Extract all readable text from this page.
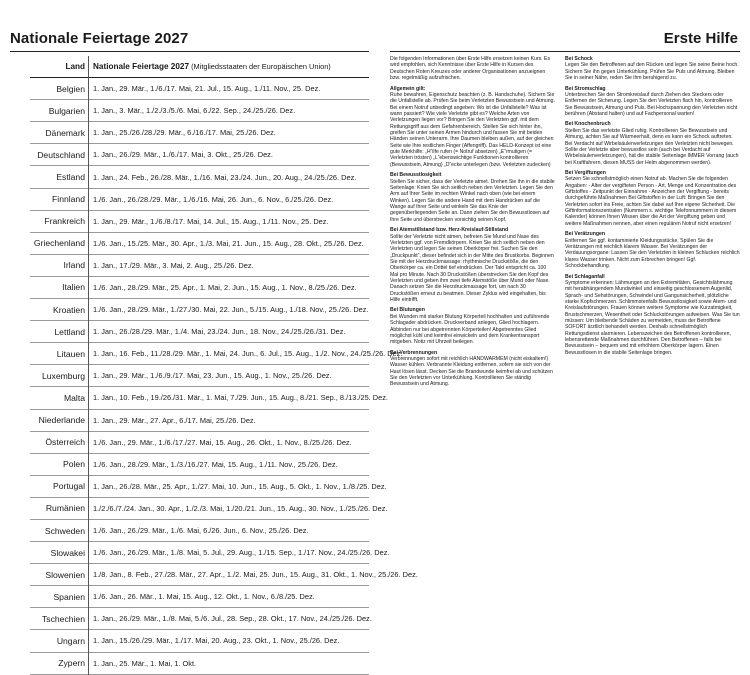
Nationale Feiertage 2027	Erste Hilfe
Land	Nationale Feiertage 2027 (Mitgliedsstaaten der Europäischen Union)
Belgien	1. Jan., 29. Mär., 1./6./17. Mai, 21. Jul., 15. Aug., 1./11. Nov., 25. Dez.
Bulgarien	1. Jan., 3. Mär., 1./2./3./5./6. Mai, 6./22. Sep., 24./25./26. Dez.
Dänemark	1. Jan., 25./26./28./29. Mär., 6./16./17. Mai, 25./26. Dez.
Deutschland	1. Jan., 26./29. Mär., 1./6./17. Mai, 3. Okt., 25./26. Dez.
Estland	1. Jan., 24. Feb., 26./28. Mär., 1./16. Mai, 23./24. Jun., 20. Aug., 24./25./26. Dez.
Finnland	1./6. Jan., 26./28./29. Mär., 1./6./16. Mai, 26. Jun., 6. Nov., 6./25./26. Dez.
Frankreich	1. Jan., 29. Mär., 1./6./8./17. Mai, 14. Jul., 15. Aug., 1./11. Nov., 25. Dez.
Griechenland	1./6. Jan., 15./25. Mär., 30. Apr., 1./3. Mai, 21. Jun., 15. Aug., 28. Okt., 25./26. Dez.
Irland	1. Jan., 17./29. Mär., 3. Mai, 2. Aug., 25./26. Dez.
Italien	1./6. Jan., 28./29. Mär., 25. Apr., 1. Mai, 2. Jun., 15. Aug., 1. Nov., 8./25./26. Dez.
Kroatien	1./6. Jan., 28./29. Mär., 1./27./30. Mai, 22. Jun., 5./15. Aug., 1./18. Nov., 25./26. Dez.
Lettland	1. Jan., 26./28./29. Mär., 1./4. Mai, 23./24. Jun., 18. Nov., 24./25./26./31. Dez.
Litauen	1. Jan., 16. Feb., 11./28./29. Mär., 1. Mai, 24. Jun., 6. Jul., 15. Aug., 1./2. Nov., 24./25./26. Dez.
Luxemburg	1. Jan., 29. Mär., 1./6./9./17. Mai, 23. Jun., 15. Aug., 1. Nov., 25./26. Dez.
Malta	1. Jan., 10. Feb., 19./26./31. Mär., 1. Mai, 7./29. Jun., 15. Aug., 8./21. Sep., 8./13./25. Dez.
Niederlande	1. Jan., 29. Mär., 27. Apr., 6./17. Mai, 25./26. Dez.
Österreich	1./6. Jan., 29. Mär., 1./6./17./27. Mai, 15. Aug., 26. Okt., 1. Nov., 8./25./26. Dez.
Polen	1./6. Jan., 28./29. Mär., 1./3./16./27. Mai, 15. Aug., 1./11. Nov., 25./26. Dez.
Portugal	1. Jan., 26./28. Mär., 25. Apr., 1./27. Mai, 10. Jun., 15. Aug., 5. Okt., 1. Nov., 1./8./25. Dez.
Rumänien	1./2./6./7./24. Jan., 30. Apr., 1./2./3. Mai, 1./20./21. Jun., 15. Aug., 30. Nov., 1./25./26. Dez.
Schweden	1./6. Jan., 26./29. Mär., 1./6. Mai, 6./26. Jun., 6. Nov., 25./26. Dez.
Slowakei	1./6. Jan., 26./29. Mär., 1./8. Mai, 5. Jul., 29. Aug., 1./15. Sep., 1./17. Nov., 24./25./26. Dez.
Slowenien	1./8. Jan., 8. Feb., 27./28. Mär., 27. Apr., 1./2. Mai, 25. Jun., 15. Aug., 31. Okt., 1. Nov., 25./26. Dez.
Spanien	1./6. Jan., 26. Mär., 1. Mai, 15. Aug., 12. Okt., 1. Nov., 6./8./25. Dez.
Tschechien	1. Jan., 26./29. Mär., 1./8. Mai, 5./6. Jul., 28. Sep., 28. Okt., 17. Nov., 24./25./26. Dez.
Ungarn	1. Jan., 15./26./29. Mär., 1./17. Mai, 20. Aug., 23. Okt., 1. Nov., 25./26. Dez.
Zypern	1. Jan., 25. Mär., 1. Mai, 1. Okt.

Die folgenden Informationen über Erste Hilfe ersetzen keinen Kurs. Es wird empfohlen, sich Kenntnisse über Erste Hilfe in Kursen des Deutschen Roten Kreuzes oder anderer Organisationen anzueignen bzw. regelmäßig aufzufrischen.

Allgemein gilt:
Ruhe bewahren, Eigenschutz beachten (z. B. Handschuhe). Sichern Sie die Unfallstelle ab. Prüfen Sie beim Verletzten Bewusstsein und Atmung. Bei einem Notruf unbedingt angeben: Wo ist die Unfallstelle? Was ist wann passiert? Wie viele Verletzte gibt es? Welche Arten von Verletzungen liegen vor? Bringen Sie den Verletzten ggf. mit dem Rettungsgriff aus dem Gefahrenbereich. Stellen Sie sich hinter ihn, greifen Sie unter seinen Armen hindurch und fassen Sie mit beiden Händen seinen Unterarm. Ihre Daumen bleiben außen, auf der gleichen Seite wie Ihre restlichen Finger (Affengriff). Das HELD-Konzept ist eine gute Merkhilfe: „H“ilfe rufen (= Notruf absetzen) „E“rmutigen (= Verletzten trösten) „L“ebenswichtige Funktionen kontrollieren (Bewusstsein, Atmung) „D“ecke unterlegen (bzw. Verletzten zudecken)

Bei Bewusstlosigkeit
Stellen Sie sicher, dass der Verletzte atmet. Drehen Sie ihn in die stabile Seitenlage: Knien Sie sich seitlich neben den Verletzten. Legen Sie den Arm auf Ihrer Seite im rechten Winkel nach oben (wie bei einem Winken). Legen Sie die andere Hand mit dem Handrücken auf die Wange auf Ihrer Seite und winkeln Sie das Knie der gegenüberliegenden Seite an. Dann ziehen Sie den Bewusstlosen auf Ihre Seite und überstrecken vorsichtig seinen Kopf.

Bei Atemstillstand bzw. Herz-Kreislauf-Stillstand
Sollte der Verletzte nicht atmen, befreien Sie Mund und Nase des Verletzten ggf. von Fremdkörpern. Knien Sie sich seitlich neben den Verletzten und legen Sie seinen Oberkörper frei. Suchen Sie den „Druckpunkt“, dieser befindet sich in der Mitte des Brustkorbs. Beginnen Sie mit der Herzdruckmassage: rhythmische Druckstöße, die den Oberkörper ca. ein Drittel tief eindrücken. Der Takt entspricht ca. 100 Mal pro Minute. Nach 30 Druckstößen überstrecken Sie den Kopf des Verletzten und geben ihm zwei tiefe Atemstöße über Mund oder Nase. Danach setzen Sie die Herzdruckmassage fort, um nach 30 Druckstößen erneut zu beatmen. Dieser Zyklus wird eingehalten, bis Hilfe eintrifft.

Bei Blutungen
Bei Wunden mit starker Blutung Körperteil hochhalten und zuführende Schlagader abdrücken. Druckverband anlegen, Glied hochlagern. Abbinden nur bei abgetrennten Körperteilen! Abgetrenntes Glied möglichst kühl und keimfrei einwickeln und dem Krankentransport mitgeben. Notiz mit Uhrzeit beilegen.

Bei Verbrennungen
Verbrennungen sofort mit reichlich HANDWARMEM (nicht eiskaltem!) Wasser kühlen. Verbrannte Kleidung entfernen, sofern sie sich von der Haut lösen lässt. Decken Sie die Brandwunde keimfrei ab und schützen Sie den Verletzten vor Unterkühlung. Kontrollieren Sie ständig Bewusstsein und Atmung.

Bei Schock
Legen Sie den Betroffenen auf den Rücken und legen Sie seine Beine hoch. Sichern Sie ihn gegen Unterkühlung. Prüfen Sie Puls und Atmung. Bleiben Sie in seiner Nähe, reden Sie ihm beruhigend zu.

Bei Stromschlag
Unterbrechen Sie den Stromkreislauf durch Ziehen des Steckers oder Entfernen der Sicherung. Legen Sie den Verletzten flach hin, kontrollieren Sie Bewusstsein, Atmung und Puls. Bei Hochspannung den Verletzten nicht berühren (Abstand halten) und auf Fachpersonal warten!

Bei Knochenbruch
Stellen Sie das verletzte Glied ruhig. Kontrollieren Sie Bewusstsein und Atmung, achten Sie auf Wärmeerhalt, denn es kann ein Schock auftreten. Bei Verdacht auf Wirbelsäulenverletzungen den Verletzten nicht bewegen. Sollte der Verletzte aber bewusstlos sein (auch bei Verdacht auf Wirbelsäulenverletzungen), hat die stabile Seitenlage IMMER Vorrang (auch bei Kraftfahrern, diesen MUSS der Helm abgenommen werden).

Bei Vergiftungen
Setzen Sie schnellstmöglich einen Notruf ab. Machen Sie die folgenden Angaben: - Alter der vergifteten Person - Art, Menge und Konzentration des Giftstoffes - Zeitpunkt der Einnahme - Anzeichen der Vergiftung - bereits durchgeführte Maßnahmen Bei Giftstoffen in der Luft: Bringen Sie den Verletzten sofort ins Freie, achten Sie dabei auf Ihre eigene Sicherheit. Die Giftinformationszentralen (Nummern s. wichtige Telefonnummern in diesem Kalender) können Ihnen Wissen über die Art der Vergiftung geben und weitere Maßnahmen nennen, aber einen regulären Notruf nicht ersetzen!

Bei Verätzungen
Entfernen Sie ggf. kontaminierte Kleidungsstücke. Spülen Sie die Verätzungen mit reichlich klarem Wasser. Bei Verätzungen der Verdauungsorgane: Lassen Sie den Verletzten in kleinen Schlucken reichlich klares Wasser trinken. Nicht zum Erbrechen bringen! Ggf. Schockbehandlung.

Bei Schlaganfall
Symptome erkennen: Lähmungen an den Extremitäten, Gesichtslähmung mit herabhängendem Mundwinkel und einseitig geschlossenem Augenlid, Sprach- und Sehstörungen, Schwindel und Gangunsicherheit, plötzliche starke Kopfschmerzen. Schlimmstenfalls Bewusstlosigkeit sowie Atem- und Kreislaufstörungen. Frauen können weitere Symptome wie Kurzatmigkeit, Brustschmerzen, Wesentheit oder Schluckstörungen aufweisen. Was Sie tun müssen: Um bleibende Schäden zu vermeiden, muss der Betroffene SOFORT ärztlich behandelt werden. Deshalb schnellstmöglich Rettungsdienst alarmieren. Lebenszeichen des Betroffenen kontrollieren, lebensrettende Maßnahmen durchführen. Den Betroffenen – falls bei Bewusstsein – bequem und mit erhöhtem Oberkörper lagern. Einen Bewusstlosen in die stabile Seitenlage bringen.
